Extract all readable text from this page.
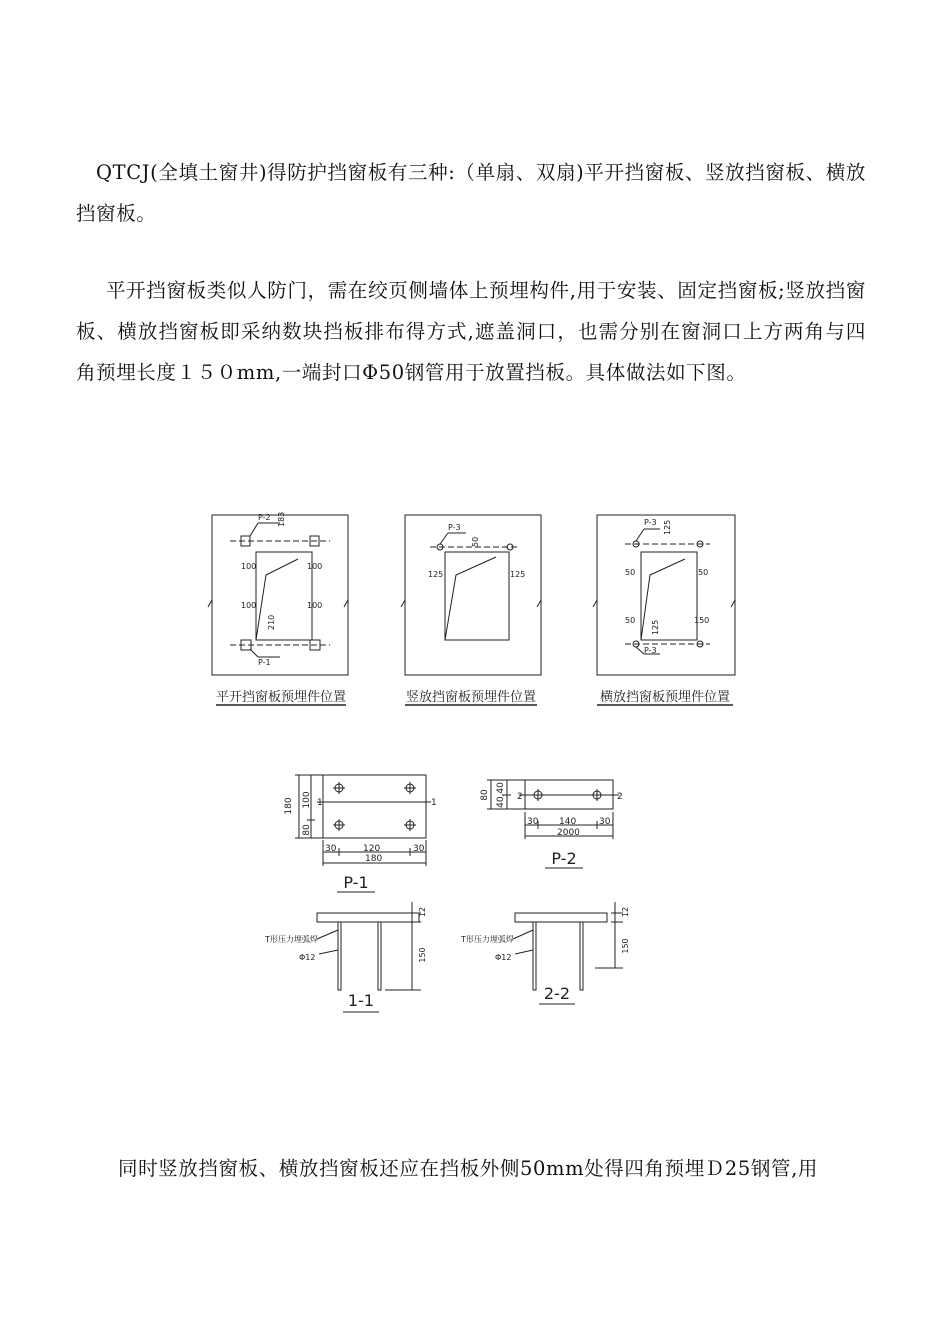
QTCJ(全填土窗井)得防护挡窗板有三种:（单扇、双扇)平开挡窗板、竖放挡窗板、横放挡窗板。
平开挡窗板类似人防门，需在绞页侧墙体上预埋构件,用于安装、固定挡窗板;竖放挡窗板、横放挡窗板即采纳数块挡板排布得方式,遮盖洞口，也需分别在窗洞口上方两角与四角预埋长度１５０mm,一端封口Φ50钢管用于放置挡板。具体做法如下图。
P-2 183
100	100
100	100
210
P-1
平开挡窗板预埋件位置
P-3
50
125	125
竖放挡窗板预埋件位置
P-3 125
50	50
50	150
125
P-3
横放挡窗板预埋件位置
180 100
80
1	1
30	120	30
180
P-1
80 40,40 2	2
30 140	30
2000
P-2
T形压力埋弧焊
Φ12
12
150
1-1
T形压力埋弧焊
Φ12
12
150
2-2
同时竖放挡窗板、横放挡窗板还应在挡板外侧50mm处得四角预埋Ｄ25钢管,用
